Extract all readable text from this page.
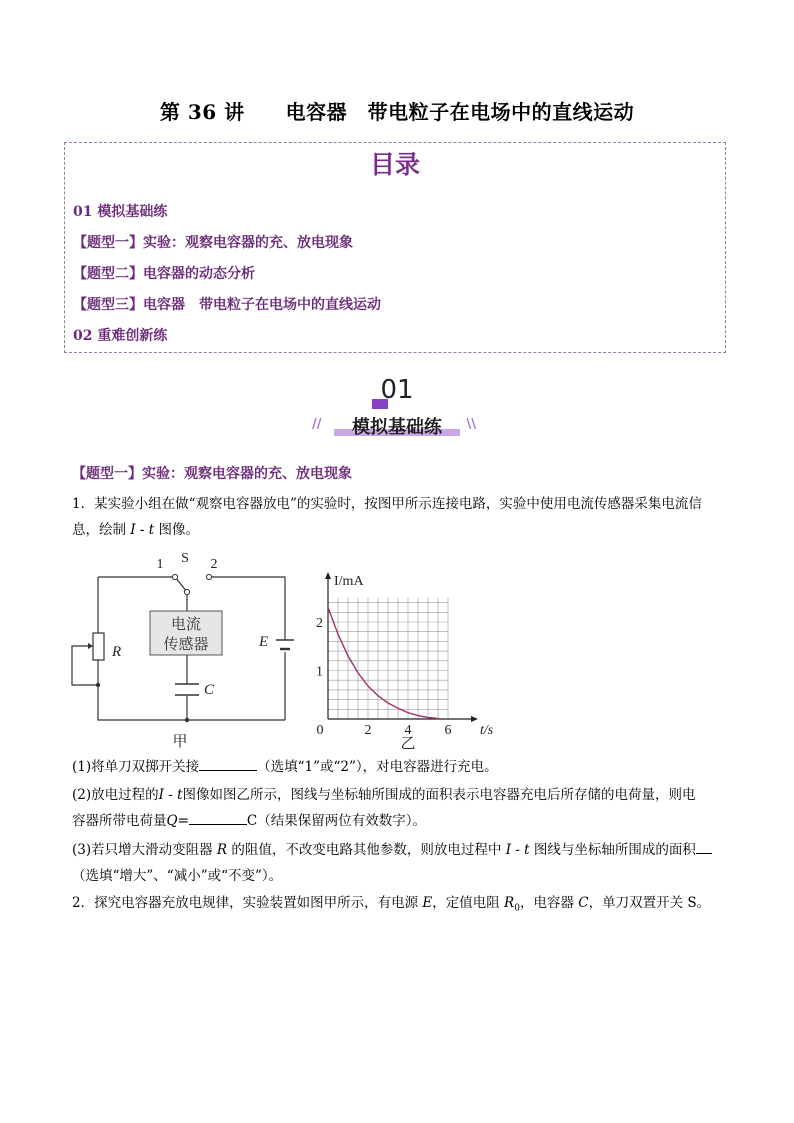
第 36 讲　　电容器　带电粒子在电场中的直线运动
目录
01 模拟基础练
【题型一】实验：观察电容器的充、放电现象
【题型二】电容器的动态分析
【题型三】电容器　带电粒子在电场中的直线运动
02 重难创新练
01
//	\\
模拟基础练
【题型一】实验：观察电容器的充、放电现象
1．某实验小组在做“观察电容器放电”的实验时，按图甲所示连接电路，实验中使用电流传感器采集电流信
息，绘制 I - t 图像。
电流
传感器
S
1	2
R
C
E
甲
0	2 4 6
1
2
I/mA
t/s
乙
(1)将单刀双掷开关接	（选填“1”或“2”），对电容器进行充电。
(2)放电过程的I - t图像如图乙所示，图线与坐标轴所围成的面积表示电容器充电后所存储的电荷量，则电
容器所带电荷量Q=	C（结果保留两位有效数字）。
(3)若只增大滑动变阻器 R 的阻值，不改变电路其他参数，则放电过程中 I - t 图线与坐标轴所围成的面积
（选填“增大”、“减小”或“不变”）。
2．探究电容器充放电规律，实验装置如图甲所示，有电源 E，定值电阻 $R_0$，电容器 C，单刀双置开关 S。
